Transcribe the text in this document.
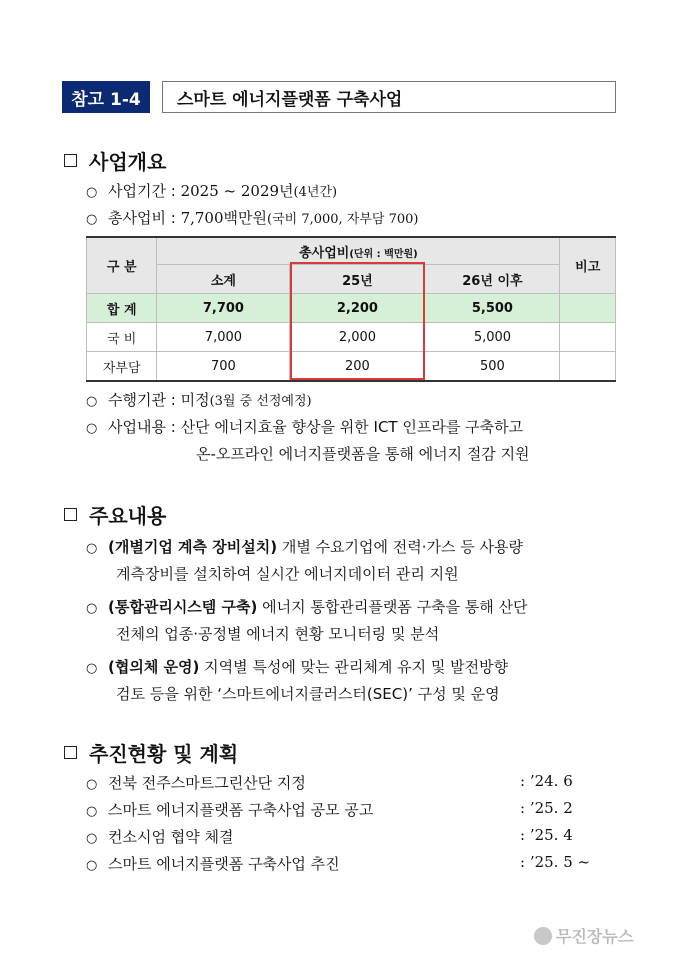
참고 1-4	스마트 에너지플랫폼 구축사업
사업개요
○ 사업기간 : 2025 ~ 2029년(4년간)
○ 총사업비 : 7,700백만원(국비 7,000, 자부담 700)
구 분	총사업비(단위 : 백만원)			비고
	소계	25년	26년 이후	
합 계	7,700	2,200	5,500	
국 비	7,000	2,000	5,000	
자부담	700	200	500	
○ 수행기관 : 미정(3월 중 선정예정)
○ 사업내용 : 산단 에너지효율 향상을 위한 ICT 인프라를 구축하고
온-오프라인 에너지플랫폼을 통해 에너지 절감 지원
주요내용
○ (개별기업 계측 장비설치) 개별 수요기업에 전력·가스 등 사용량
계측장비를 설치하여 실시간 에너지데이터 관리 지원
○ (통합관리시스템 구축) 에너지 통합관리플랫폼 구축을 통해 산단
전체의 업종·공정별 에너지 현황 모니터링 및 분석
○ (협의체 운영) 지역별 특성에 맞는 관리체계 유지 및 발전방향
검토 등을 위한 ‘스마트에너지클러스터(SEC)’ 구성 및 운영
추진현황 및 계획
○ 전북 전주스마트그린산단 지정	: ’24. 6
○ 스마트 에너지플랫폼 구축사업 공모 공고	: ’25. 2
○ 컨소시엄 협약 체결	: ’25. 4
○ 스마트 에너지플랫폼 구축사업 추진	: ’25. 5 ~
무진장뉴스
